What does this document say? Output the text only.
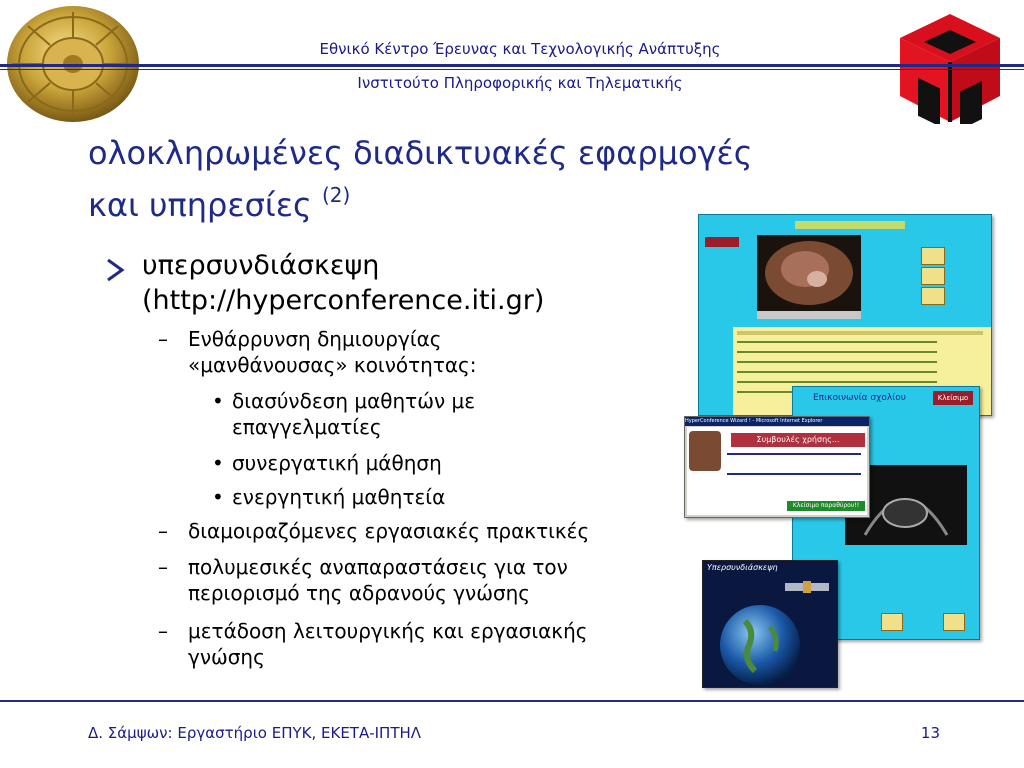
Εθνικό Κέντρο Έρευνας και Τεχνολογικής Ανάπτυξης
Ινστιτούτο Πληροφορικής και Τηλεματικής
ολοκληρωμένες διαδικτυακές εφαρμογές
και υπηρεσίες $^{(2)}$
υπερσυνδιάσκεψη
(http://hyperconference.iti.gr)
– Ενθάρρυνση δημιουργίας
«μανθάνουσας» κοινότητας:
• διασύνδεση μαθητών με
επαγγελματίες
• συνεργατική μάθηση
• ενεργητική μαθητεία
– διαμοιραζόμενες εργασιακές πρακτικές
– πολυμεσικές αναπαραστάσεις για τον
περιορισμό της αδρανούς γνώσης
– μετάδοση λειτουργικής και εργασιακής
γνώσης
Επικοινωνία σχολίου	Κλείσιμο
HyperConference Wizard ! - Microsoft Internet Explorer
Συμβουλές χρήσης...
Κλείσιμο παραθύρου!!
Υπερσυνδιάσκεψη
Δ. Σάμψων: Εργαστήριο ΕΠΥΚ, ΕΚΕΤΑ-ΙΠΤΗΛ	13
